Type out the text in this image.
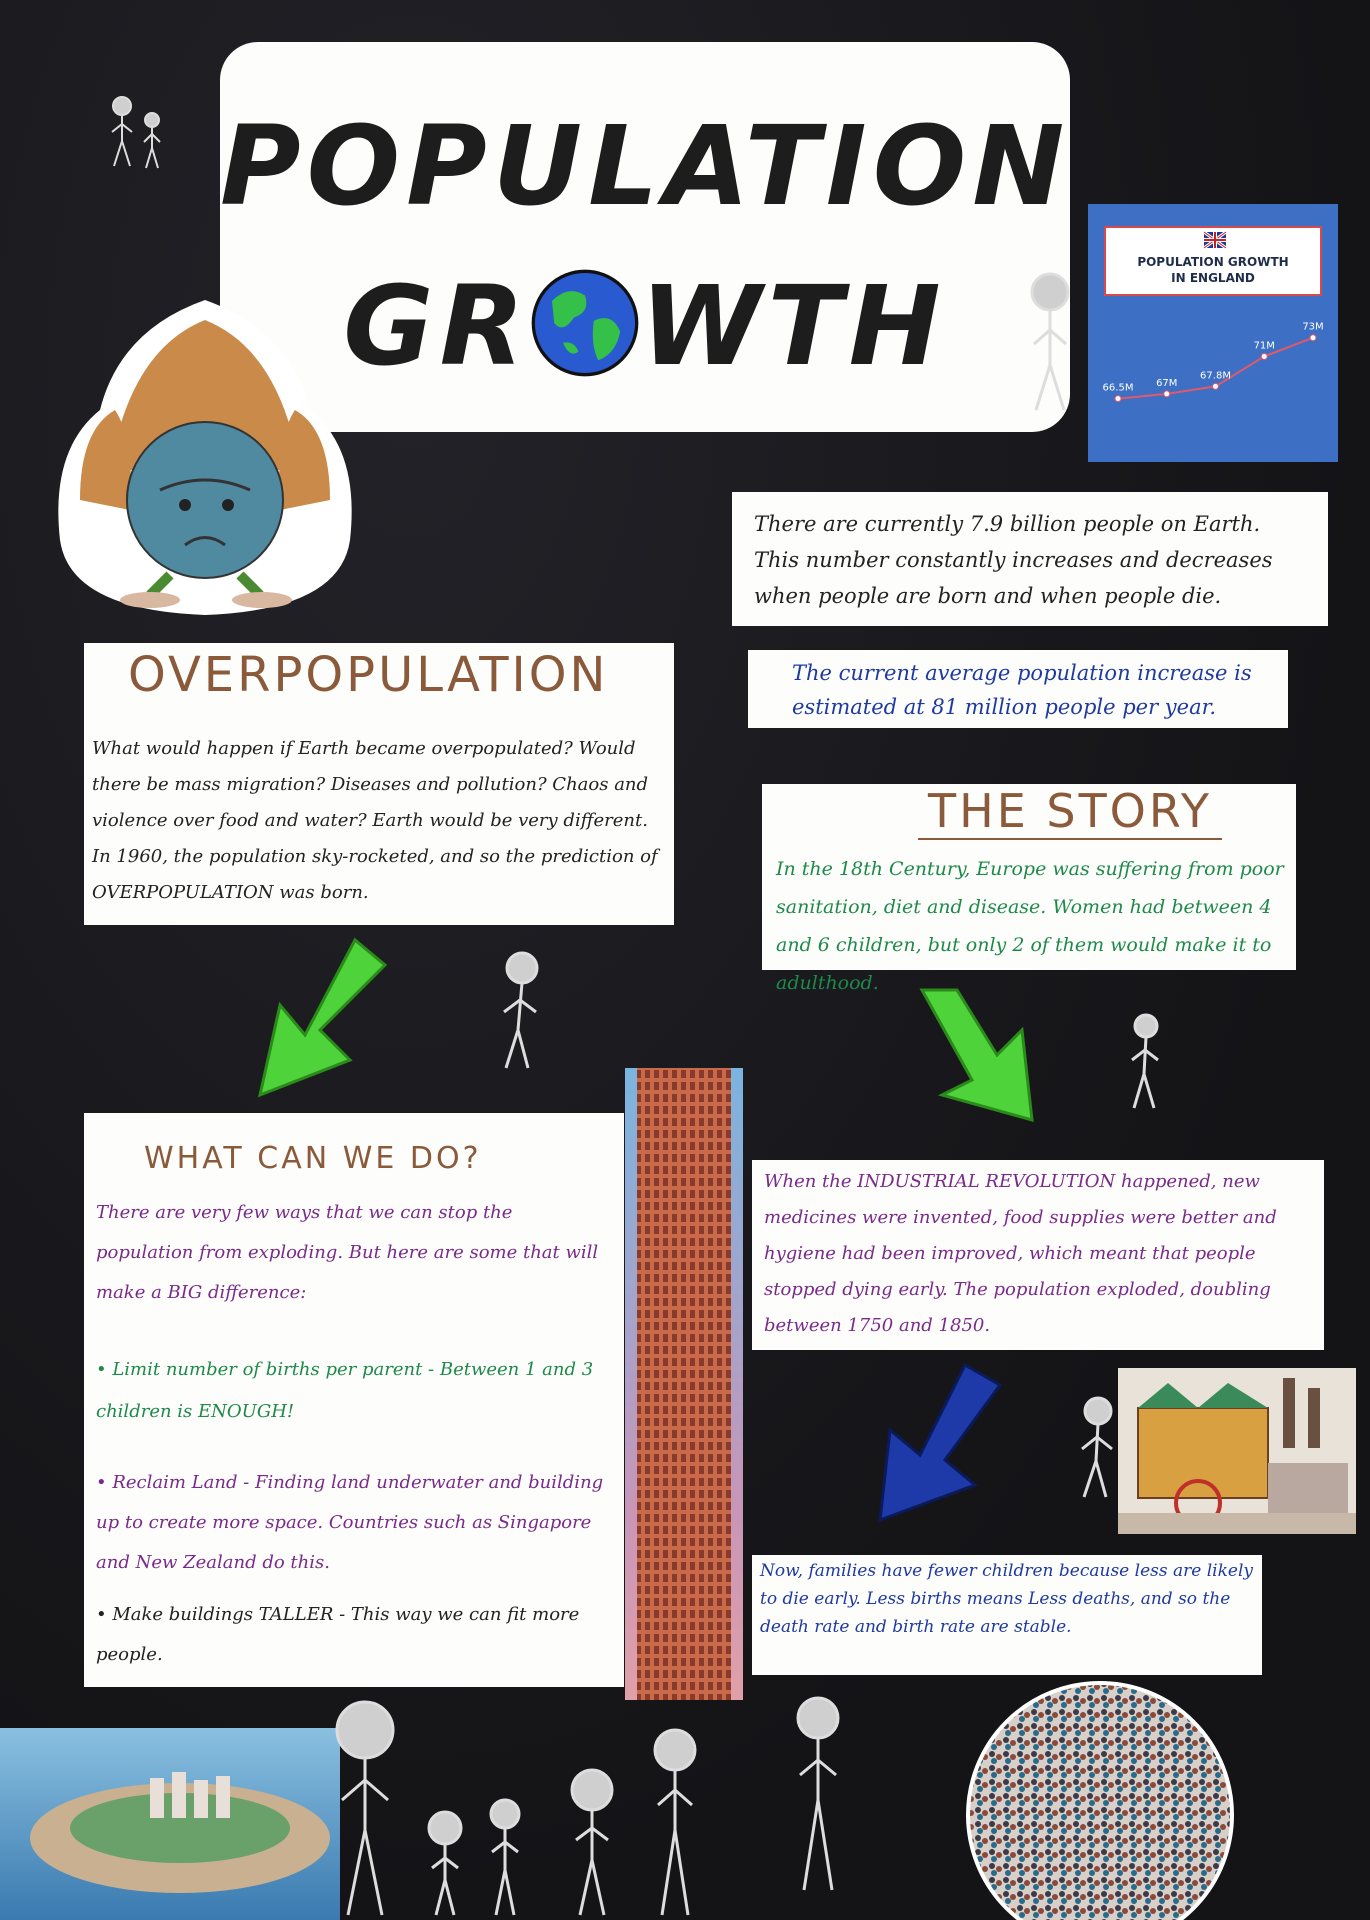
POPULATION
GR WTH	POPULATION GROWTH
IN ENGLAND
66.5M 67M
67.8M
71M
73M
There are currently 7.9 billion people on Earth. This number constantly increases and decreases when people are born and when people die.
The current average population increase is estimated at 81 million people per year.
OVERPOPULATION
What would happen if Earth became overpopulated? Would there be mass migration? Diseases and pollution? Chaos and violence over food and water? Earth would be very different. In 1960, the population sky-rocketed, and so the prediction of OVERPOPULATION was born.
THE STORY
In the 18th Century, Europe was suffering from poor sanitation, diet and disease. Women had between 4 and 6 children, but only 2 of them would make it to adulthood.
WHAT CAN WE DO?
There are very few ways that we can stop the population from exploding. But here are some that will make a BIG difference:
• Limit number of births per parent - Between 1 and 3 children is ENOUGH!
• Reclaim Land - Finding land underwater and building up to create more space. Countries such as Singapore and New Zealand do this.
• Make buildings TALLER - This way we can fit more people.
When the INDUSTRIAL REVOLUTION happened, new medicines were invented, food supplies were better and hygiene had been improved, which meant that people stopped dying early. The population exploded, doubling between 1750 and 1850.
Now, families have fewer children because less are likely to die early. Less births means Less deaths, and so the death rate and birth rate are stable.
